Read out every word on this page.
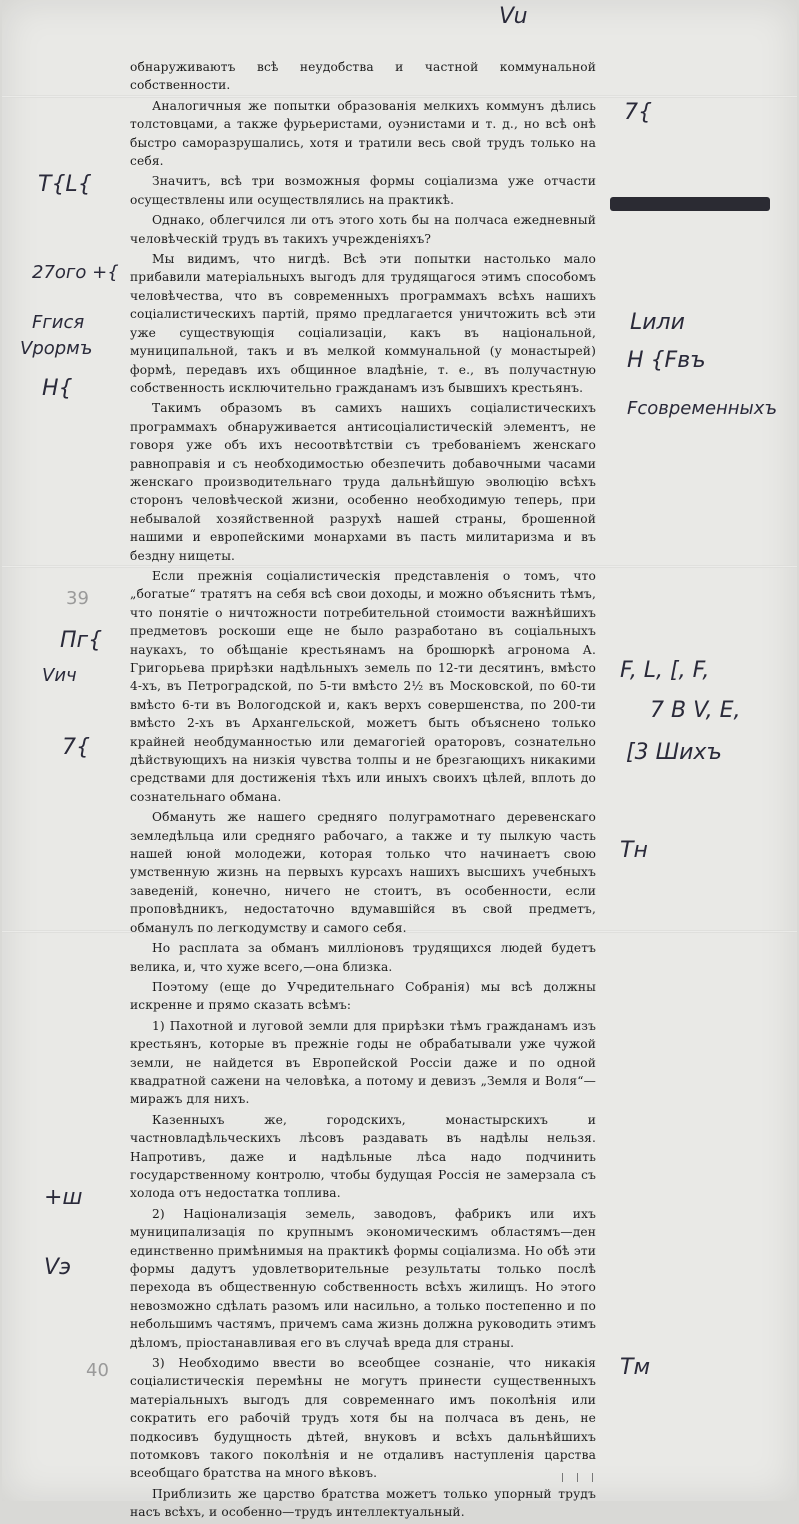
Vu

обнаруживаютъ всѣ неудобства и частной коммунальной собственности.

Аналогичныя же попытки образованія мелкихъ коммунъ дѣлись толстовцами, а также фурьеристами, оуэнистами и т. д., но всѣ онѣ быстро саморазрушались, хотя и тратили весь свой трудъ только на себя.

Значитъ, всѣ три возможныя формы соціализма уже отчасти осуществлены или осуществлялись на практикѣ.

Однако, облегчился ли отъ этого хоть бы на полчаса ежедневный человѣческій трудъ въ такихъ учрежденіяхъ?

Мы видимъ, что нигдѣ. Всѣ эти попытки настолько мало прибавили матеріальныхъ выгодъ для трудящагося этимъ способомъ человѣчества, что въ современныхъ программахъ всѣхъ нашихъ соціалистическихъ партій, прямо предлагается уничтожить всѣ эти уже существующія соціализаціи, какъ въ національной, муниципальной, такъ и въ мелкой коммунальной (у монастырей) формѣ, передавъ ихъ общинное владѣніе, т. е., въ получастную собственность исключительно гражданамъ изъ бывшихъ крестьянъ.

Такимъ образомъ въ самихъ нашихъ соціалистическихъ программахъ обнаруживается антисоціалистическій элементъ, не говоря уже объ ихъ несоотвѣтствіи съ требованіемъ женскаго равноправія и съ необходимостью обезпечить добавочными часами женскаго производительнаго труда дальнѣйшую эволюцію всѣхъ сторонъ человѣческой жизни, особенно необходимую теперь, при небывалой хозяйственной разрухѣ нашей страны, брошенной нашими и европейскими монархами въ пасть милитаризма и въ бездну нищеты.

Если прежнія соціалистическія представленія о томъ, что „богатые“ тратятъ на себя всѣ свои доходы, и можно объяснить тѣмъ, что понятіе о ничтожности потребительной стоимости важнѣйшихъ предметовъ роскоши еще не было разработано въ соціальныхъ наукахъ, то обѣщаніе крестьянамъ на брошюркѣ агронома А. Григорьева прирѣзки надѣльныхъ земель по 12-ти десятинъ, вмѣсто 4-хъ, въ Петроградской, по 5-ти вмѣсто 2½ въ Московской, по 60-ти вмѣсто 6-ти въ Вологодской и, какъ верхъ совершенства, по 200-ти вмѣсто 2-хъ въ Архангельской, можетъ быть объяснено только крайней необдуманностью или демагогіей ораторовъ, сознательно дѣйствующихъ на низкія чувства толпы и не брезгающихъ никакими средствами для достиженія тѣхъ или иныхъ своихъ цѣлей, вплоть до сознательнаго обмана.

Обмануть же нашего средняго полуграмотнаго деревенскаго земледѣльца или средняго рабочаго, а также и ту пылкую часть нашей юной молодежи, которая только что начинаетъ свою умственную жизнь на первыхъ курсахъ нашихъ высшихъ учебныхъ заведеній, конечно, ничего не стоитъ, въ особенности, если проповѣдникъ, недостаточно вдумавшійся въ свой предметъ, обманулъ по легкодумству и самого себя.

Но расплата за обманъ милліоновъ трудящихся людей будетъ велика, и, что хуже всего,—она близка.

Поэтому (еще до Учредительнаго Собранія) мы всѣ должны искренне и прямо сказать всѣмъ:

1) Пахотной и луговой земли для прирѣзки тѣмъ гражданамъ изъ крестьянъ, которые въ прежніе годы не обрабатывали уже чужой земли, не найдется въ Европейской Россіи даже и по одной квадратной сажени на человѣка, а потому и девизъ „Земля и Воля“—миражъ для нихъ.

Казенныхъ же, городскихъ, монастырскихъ и частновладѣльческихъ лѣсовъ раздавать въ надѣлы нельзя. Напротивъ, даже и надѣльные лѣса надо подчинить государственному контролю, чтобы будущая Россія не замерзала съ холода отъ недостатка топлива.

2) Націонализація земель, заводовъ, фабрикъ или ихъ муниципализація по крупнымъ экономическимъ областямъ—ден единственно примѣнимыя на практикѣ формы соціализма. Но обѣ эти формы дадутъ удовлетворительные результаты только послѣ перехода въ общественную собственность всѣхъ жилищъ. Но этого невозможно сдѣлать разомъ или насильно, а только постепенно и по небольшимъ частямъ, причемъ сама жизнь должна руководить этимъ дѣломъ, пріостанавливая его въ случаѣ вреда для страны.

3) Необходимо ввести во всеобщее сознаніе, что никакія соціалистическія перемѣны не могутъ принести существенныхъ матеріальныхъ выгодъ для современнаго имъ поколѣнія или сократить его рабочій трудъ хотя бы на полчаса въ день, не подкосивъ будущность дѣтей, внуковъ и всѣхъ дальнѣйшихъ потомковъ такого поколѣнія и не отдаливъ наступленія царства всеобщаго братства на много вѣковъ.

Приблизить же царство братства можетъ только упорный трудъ насъ всѣхъ, и особенно—трудъ интеллектуальный.

7{
T{L{
27ого +{
Fгися
Vрормъ
H{
Lили
H {Fвъ
Fсовременныхъ
Пг{
Vич	F, L, [, F,
7 B V, E,
[3 Шихъ
7{
Тн
+ш
Vэ
Тм
39
40
